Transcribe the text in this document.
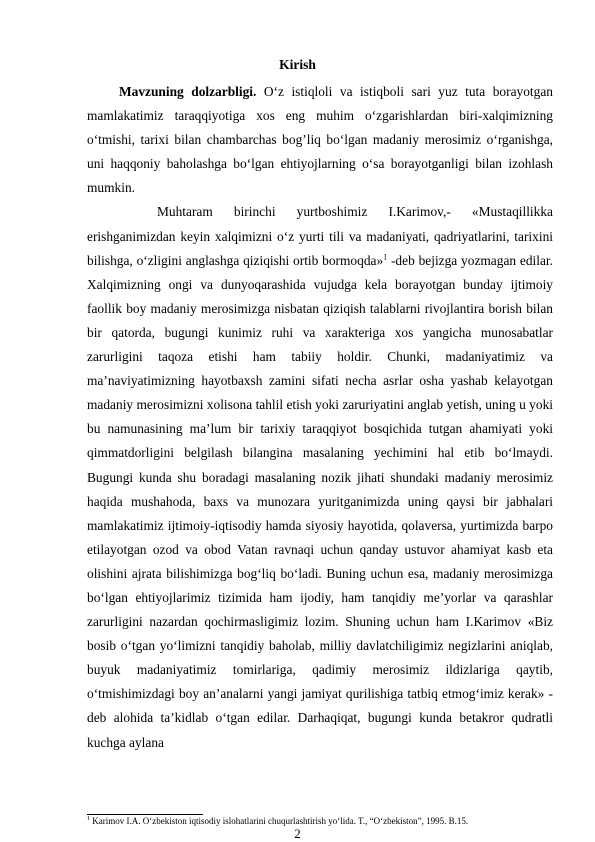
Kirish

Mavzuning dolzarbligi. O‘z istiqloli va istiqboli sari yuz tuta borayotgan mamlakatimiz taraqqiyotiga xos eng muhim o‘zgarishlardan biri-xalqimizning o‘tmishi, tarixi bilan chambarchas bog’liq bo‘lgan madaniy merosimiz o‘rganishga, uni haqqoniy baholashga bo‘lgan ehtiyojlarning o‘sa borayotganligi bilan izohlash mumkin.

Muhtaram birinchi yurtboshimiz I.Karimov,- «Mustaqillikka erishganimizdan keyin xalqimizni o‘z yurti tili va madaniyati, qadriyatlarini, tarixini bilishga, o‘zligini anglashga qiziqishi ortib bormoqda»$^1$ -deb bejizga yozmagan edilar. Xalqimizning ongi va dunyoqarashida vujudga kela borayotgan bunday ijtimoiy faollik boy madaniy merosimizga nisbatan qiziqish talablarni rivojlantira borish bilan bir qatorda, bugungi kunimiz ruhi va xarakteriga xos yangicha munosabatlar zarurligini taqoza etishi ham tabiiy holdir. Chunki, madaniyatimiz va ma’naviyatimizning hayotbaxsh zamini sifati necha asrlar osha yashab kelayotgan madaniy merosimizni xolisona tahlil etish yoki zaruriyatini anglab yetish, uning u yoki bu namunasining ma’lum bir tarixiy taraqqiyot bosqichida tutgan ahamiyati yoki qimmatdorligini belgilash bilangina masalaning yechimini hal etib bo‘lmaydi. Bugungi kunda shu boradagi masalaning nozik jihati shundaki madaniy merosimiz haqida mushahoda, baxs va munozara yuritganimizda uning qaysi bir jabhalari mamlakatimiz ijtimoiy-iqtisodiy hamda siyosiy hayotida, qolaversa, yurtimizda barpo etilayotgan ozod va obod Vatan ravnaqi uchun qanday ustuvor ahamiyat kasb eta olishini ajrata bilishimizga bog‘liq bo‘ladi. Buning uchun esa, madaniy merosimizga bo‘lgan ehtiyojlarimiz tizimida ham ijodiy, ham tanqidiy me’yorlar va qarashlar zarurligini nazardan qochirmasligimiz lozim. Shuning uchun ham I.Karimov «Biz bosib o‘tgan yo‘limizni tanqidiy baholab, milliy davlatchiligimiz negizlarini aniqlab, buyuk madaniyatimiz tomirlariga, qadimiy merosimiz ildizlariga qaytib, o‘tmishimizdagi boy an’analarni yangi jamiyat qurilishiga tatbiq etmog‘imiz kerak» - deb alohida ta’kidlab o‘tgan edilar. Darhaqiqat, bugungi kunda betakror qudratli kuchga aylana

$^1$ Karimov I.A. O‘zbekiston iqtisodiy islohatlarini chuqurlashtirish yo‘lida. T., “O‘zbekiston”, 1995. B.15.
2
